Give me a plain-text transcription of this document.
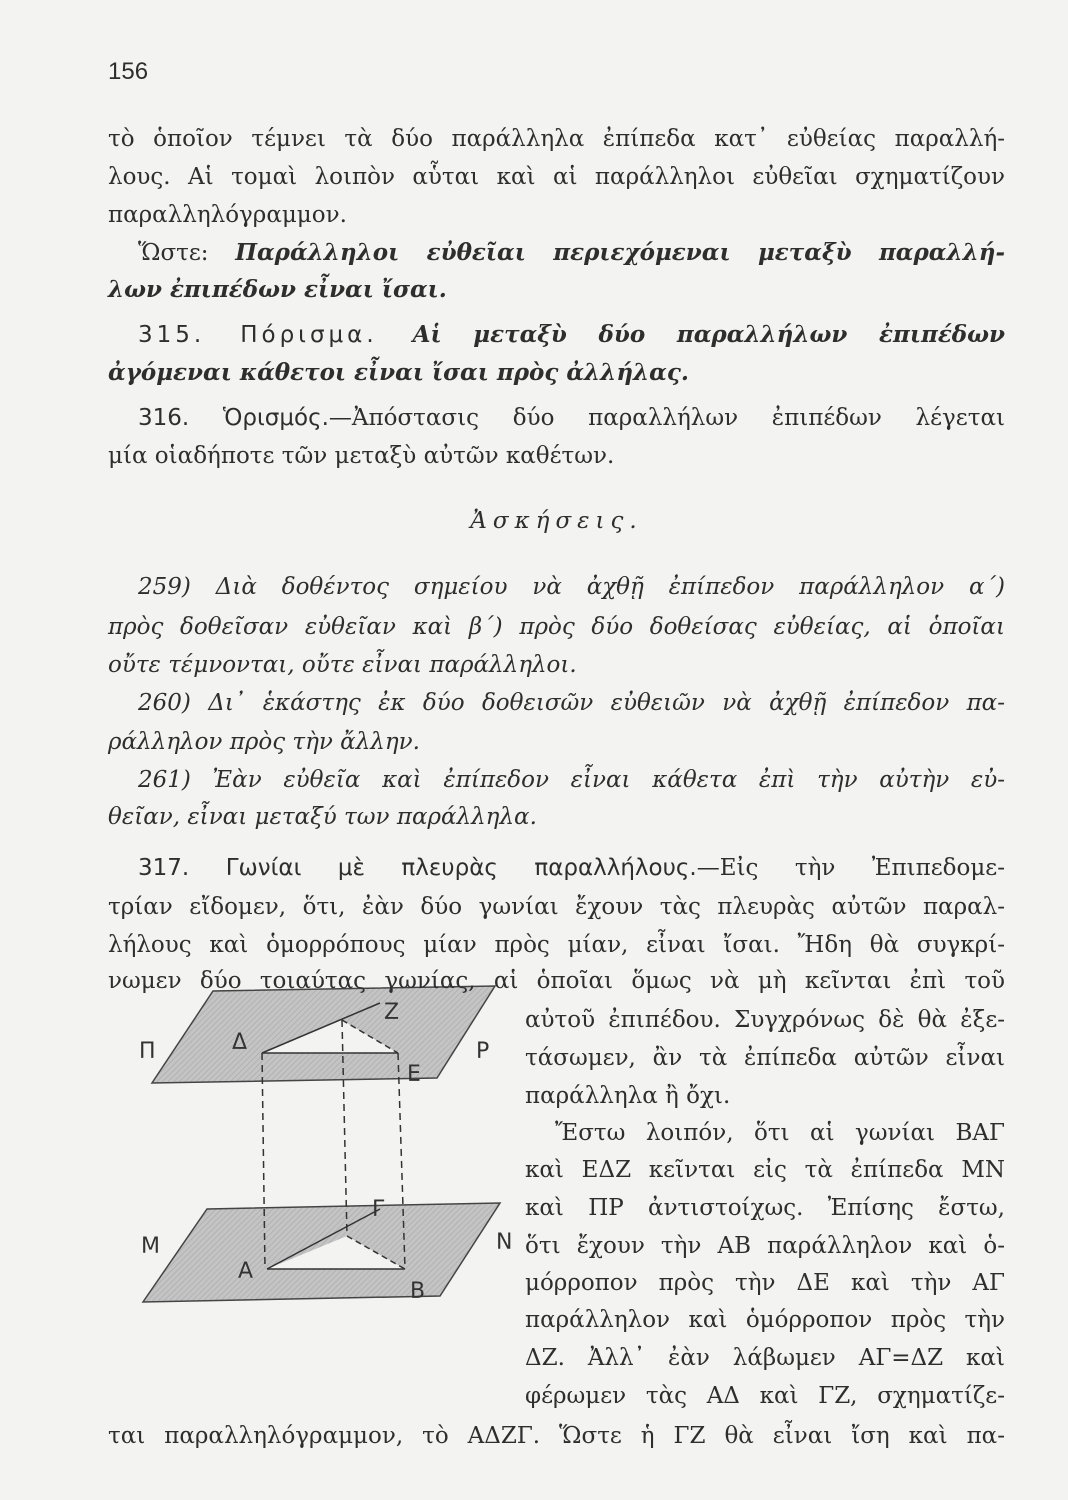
156
τὸ ὁποῖον τέμνει τὰ δύο παράλληλα ἐπίπεδα κατ᾽ εὐθείας παραλλή-
λους. Αἱ τομαὶ λοιπὸν αὗται καὶ αἱ παράλληλοι εὐθεῖαι σχηματίζουν
παραλληλόγραμμον.
Ὥστε: Παράλληλοι εὐθεῖαι περιεχόμεναι μεταξὺ παραλλή-
λων ἐπιπέδων εἶναι ἴσαι.
315. Πόρισμα. Αἱ μεταξὺ δύο παραλλήλων ἐπιπέδων
ἀγόμεναι κάθετοι εἶναι ἴσαι πρὸς ἀλλήλας.
316. Ὁρισμός.—Ἀπόστασις δύο παραλλήλων ἐπιπέδων λέγεται
μία οἱαδήποτε τῶν μεταξὺ αὐτῶν καθέτων.
Ἀσκήσεις.
259) Διὰ δοθέντος σημείου νὰ ἀχθῇ ἐπίπεδον παράλληλον α΄)
πρὸς δοθεῖσαν εὐθεῖαν καὶ β΄) πρὸς δύο δοθείσας εὐθείας, αἱ ὁποῖαι
οὔτε τέμνονται, οὔτε εἶναι παράλληλοι.
260) Δι᾽ ἑκάστης ἐκ δύο δοθεισῶν εὐθειῶν νὰ ἀχθῇ ἐπίπεδον πα-
ράλληλον πρὸς τὴν ἄλλην.
261) Ἐὰν εὐθεῖα καὶ ἐπίπεδον εἶναι κάθετα ἐπὶ τὴν αὐτὴν εὐ-
θεῖαν, εἶναι μεταξύ των παράλληλα.
317. Γωνίαι μὲ πλευρὰς παραλλήλους.—Εἰς τὴν Ἐπιπεδομε-
τρίαν εἴδομεν, ὅτι, ἐὰν δύο γωνίαι ἔχουν τὰς πλευρὰς αὐτῶν παραλ-
λήλους καὶ ὁμορρόπους μίαν πρὸς μίαν, εἶναι ἴσαι. Ἤδη θὰ συγκρί-
νωμεν δύο τοιαύτας γωνίας, αἱ ὁποῖαι ὅμως νὰ μὴ κεῖνται ἐπὶ τοῦ
αὐτοῦ ἐπιπέδου. Συγχρόνως δὲ θὰ ἐξε-
τάσωμεν, ἂν τὰ ἐπίπεδα αὐτῶν εἶναι
παράλληλα ἢ ὄχι.
Ἔστω λοιπόν, ὅτι αἱ γωνίαι ΒΑΓ
καὶ ΕΔΖ κεῖνται εἰς τὰ ἐπίπεδα ΜΝ
καὶ ΠΡ ἀντιστοίχως. Ἐπίσης ἔστω,
ὅτι ἔχουν τὴν ΑΒ παράλληλον καὶ ὁ-
μόρροπον πρὸς τὴν ΔΕ καὶ τὴν ΑΓ
παράλληλον καὶ ὁμόρροπον πρὸς τὴν
ΔΖ. Ἀλλ᾽ ἐὰν λάβωμεν ΑΓ=ΔΖ καὶ
φέρωμεν τὰς ΑΔ καὶ ΓΖ, σχηματίζε-
ται παραλληλόγραμμον, τὸ ΑΔΖΓ. Ὥστε ἡ ΓΖ θὰ εἶναι ἴση καὶ πα-
Π	Δ
Ζ
Ρ
Ε
Μ
Α
Γ
Ν
Β
